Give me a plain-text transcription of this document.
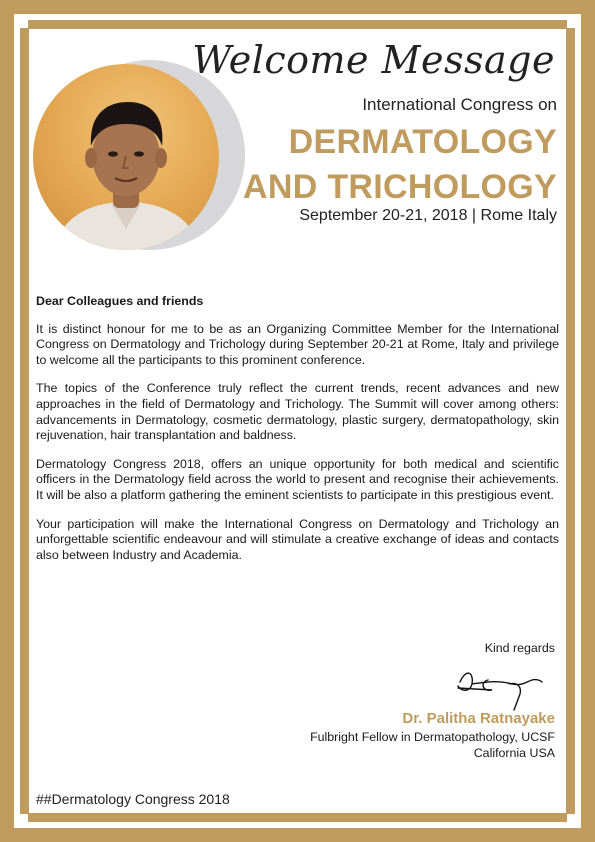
Welcome Message
International Congress on
DERMATOLOGY
AND TRICHOLOGY
September 20-21, 2018 | Rome Italy

Dear Colleagues and friends

It is distinct honour for me to be as an Organizing Committee Member for the International Congress on Dermatology and Trichology during September 20-21 at Rome, Italy and privilege to welcome all the participants to this prominent conference.

The topics of the Conference truly reflect the current trends, recent advances and new approaches in the field of Dermatology and Trichology. The Summit will cover among others: advancements in Dermatology, cosmetic dermatology, plastic surgery, dermatopathology, skin rejuvenation, hair transplantation and baldness.

Dermatology Congress 2018, offers an unique opportunity for both medical and scientific officers in the Dermatology field across the world to present and recognise their achievements. It will be also a platform gathering the eminent scientists to participate in this prestigious event.

Your participation will make the International Congress on Dermatology and Trichology an unforgettable scientific endeavour and will stimulate a creative exchange of ideas and contacts also between Industry and Academia.

Kind regards
Dr. Palitha Ratnayake
Fulbright Fellow in Dermatopathology, UCSF
California USA
##Dermatology Congress 2018
